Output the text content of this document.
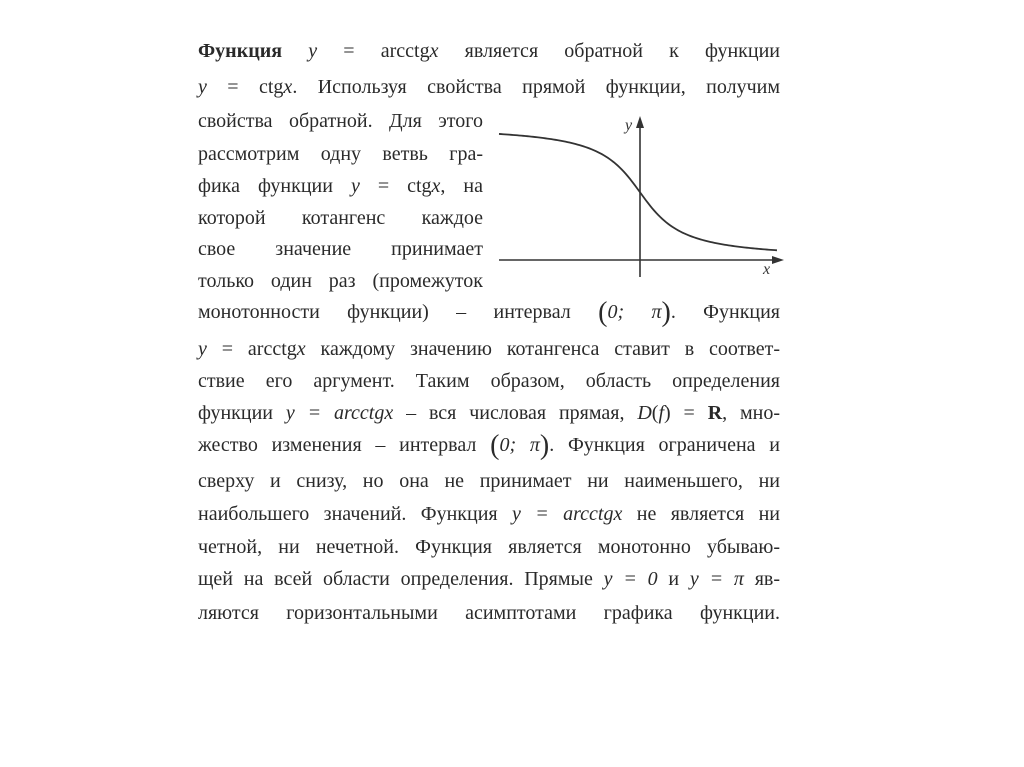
Функция y = arcctgx является обратной к функции
y = ctgx. Используя свойства прямой функции, получим
свойства обратной. Для этого
рассмотрим одну ветвь гра-
фика функции y = ctgx, на
которой котангенс каждое
свое значение принимает
только один раз (промежуток
монотонности функции) – интервал (0; π). Функция
y = arcctgx каждому значению котангенса ставит в соответ-
ствие его аргумент. Таким образом, область определения
функции y = arcctgx – вся числовая прямая, D(f) = R, мно-
жество изменения – интервал (0; π). Функция ограничена и
сверху и снизу, но она не принимает ни наименьшего, ни
наибольшего значений. Функция y = arcctgx не является ни
четной, ни нечетной. Функция является монотонно убываю-
щей на всей области определения. Прямые y = 0 и y = π яв-
ляются горизонтальными асимптотами графика функции.
y
x
